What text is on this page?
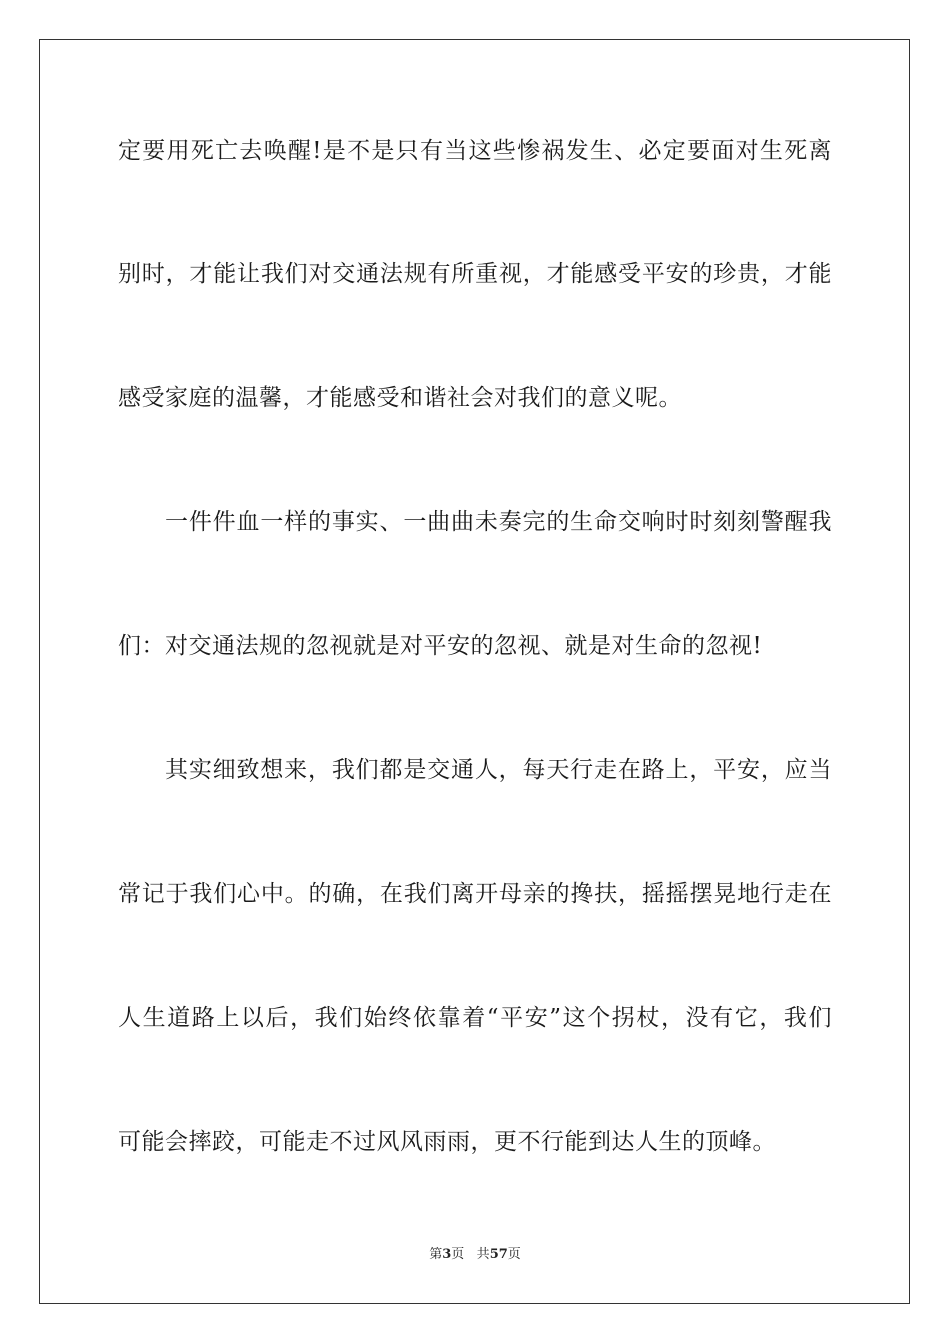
定要用死亡去唤醒!是不是只有当这些惨祸发生、必定要面对生死离
别时，才能让我们对交通法规有所重视，才能感受平安的珍贵，才能
感受家庭的温馨，才能感受和谐社会对我们的意义呢。
一件件血一样的事实、一曲曲未奏完的生命交响时时刻刻警醒我
们：对交通法规的忽视就是对平安的忽视、就是对生命的忽视!
其实细致想来，我们都是交通人，每天行走在路上，平安，应当
常记于我们心中。的确，在我们离开母亲的搀扶，摇摇摆晃地行走在
人生道路上以后，我们始终依靠着“平安”这个拐杖，没有它，我们
可能会摔跤，可能走不过风风雨雨，更不行能到达人生的顶峰。
第3页 共57页
